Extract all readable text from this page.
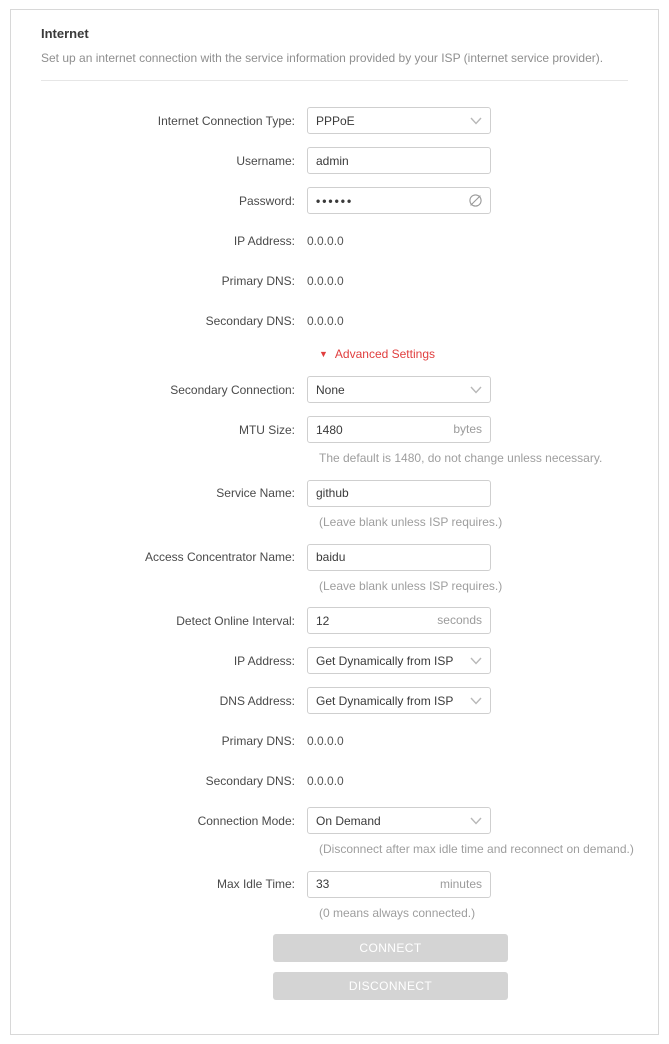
Internet
Set up an internet connection with the service information provided by your ISP (internet service provider).
Internet Connection Type:	PPPoE
Username:
admin
Password:
••••••
IP Address:	0.0.0.0
Primary DNS:	0.0.0.0
Secondary DNS:	0.0.0.0
▼ Advanced Settings
Secondary Connection:	None
MTU Size:
1480	bytes
The default is 1480, do not change unless necessary.
Service Name:
github
(Leave blank unless ISP requires.)
Access Concentrator Name:
baidu
(Leave blank unless ISP requires.)
Detect Online Interval:
12	seconds
IP Address:	Get Dynamically from ISP
DNS Address:	Get Dynamically from ISP
Primary DNS:	0.0.0.0
Secondary DNS:	0.0.0.0
Connection Mode:	On Demand
(Disconnect after max idle time and reconnect on demand.)
Max Idle Time:
33	minutes
(0 means always connected.)
CONNECT
DISCONNECT
